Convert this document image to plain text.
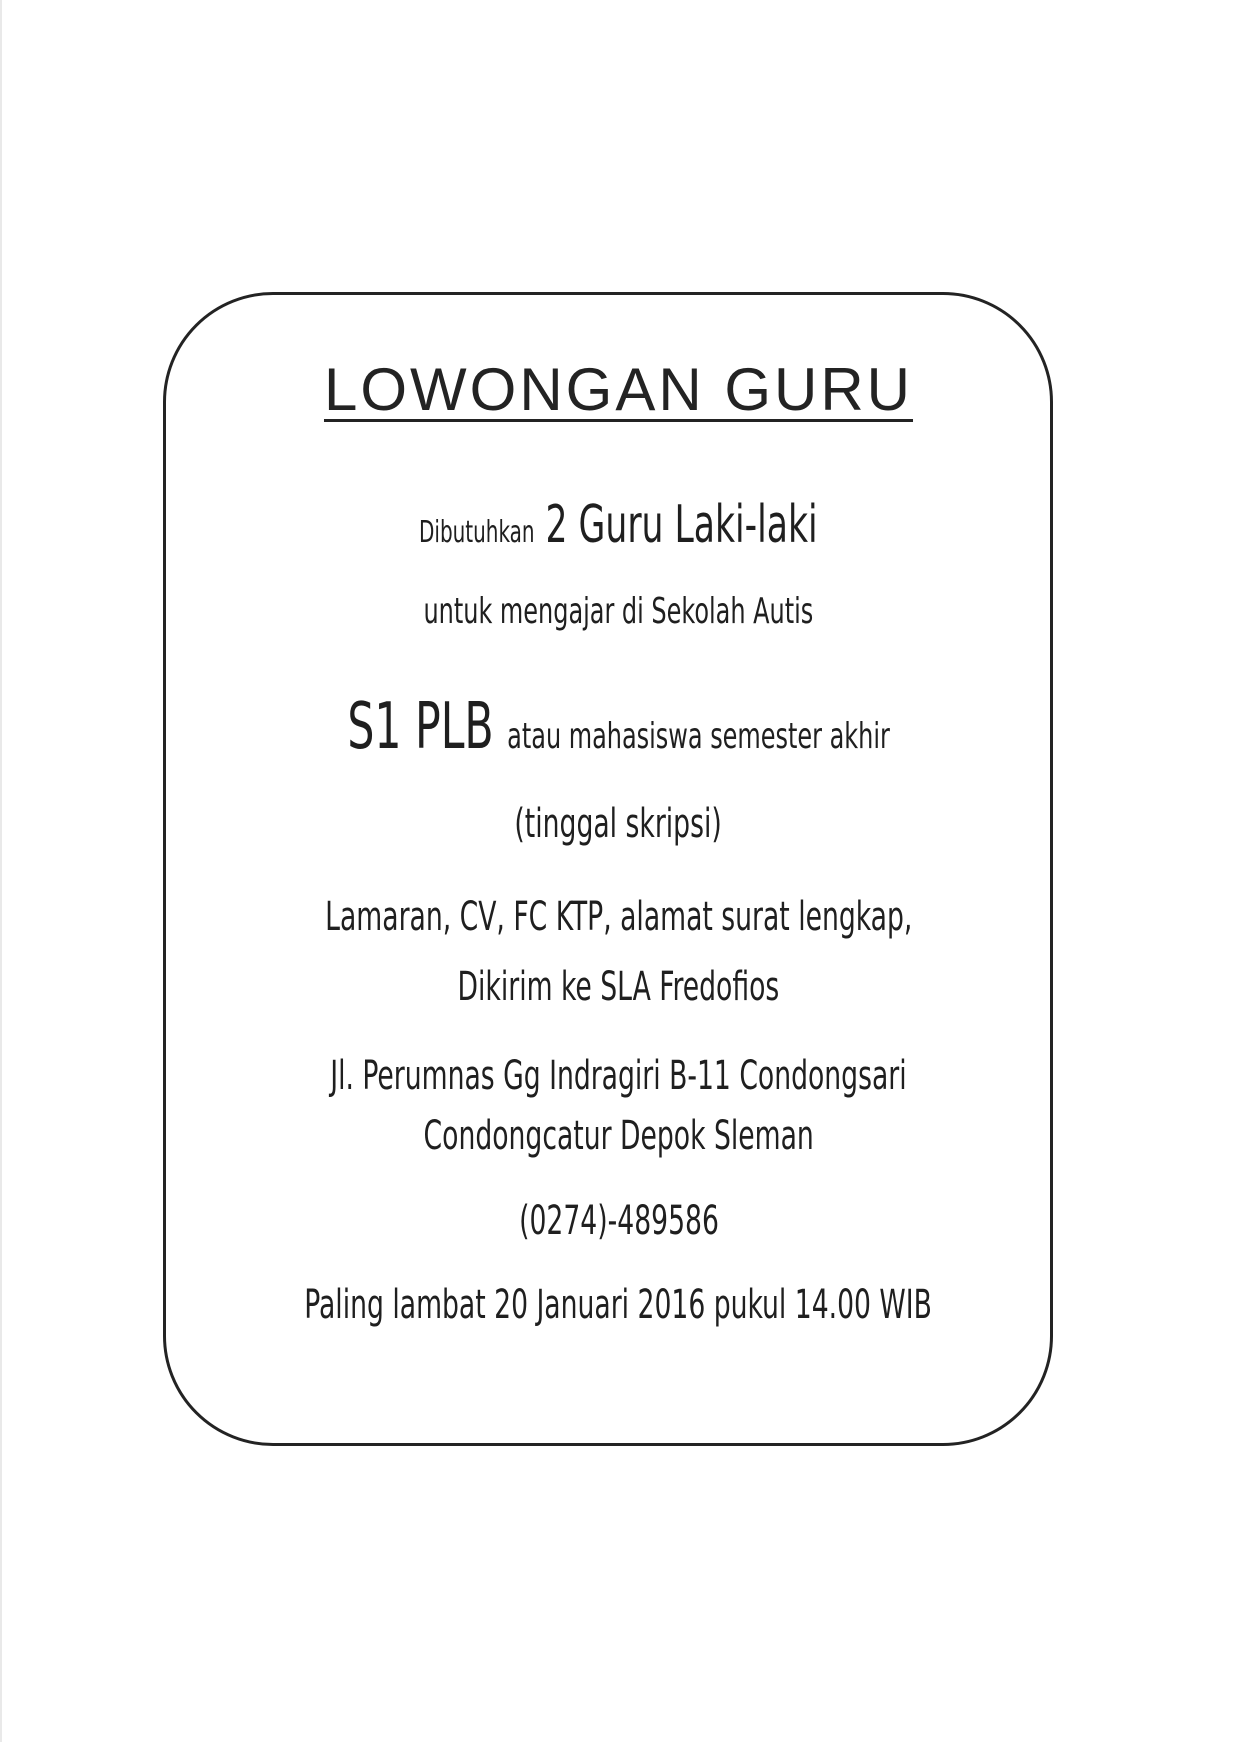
LOWONGAN GURU
Dibutuhkan 2 Guru Laki-laki
untuk mengajar di Sekolah Autis
S1 PLB atau mahasiswa semester akhir
(tinggal skripsi)
Lamaran, CV, FC KTP, alamat surat lengkap,
Dikirim ke SLA Fredofios
Jl. Perumnas Gg Indragiri B-11 Condongsari
Condongcatur Depok Sleman
(0274)-489586
Paling lambat 20 Januari 2016 pukul 14.00 WIB
